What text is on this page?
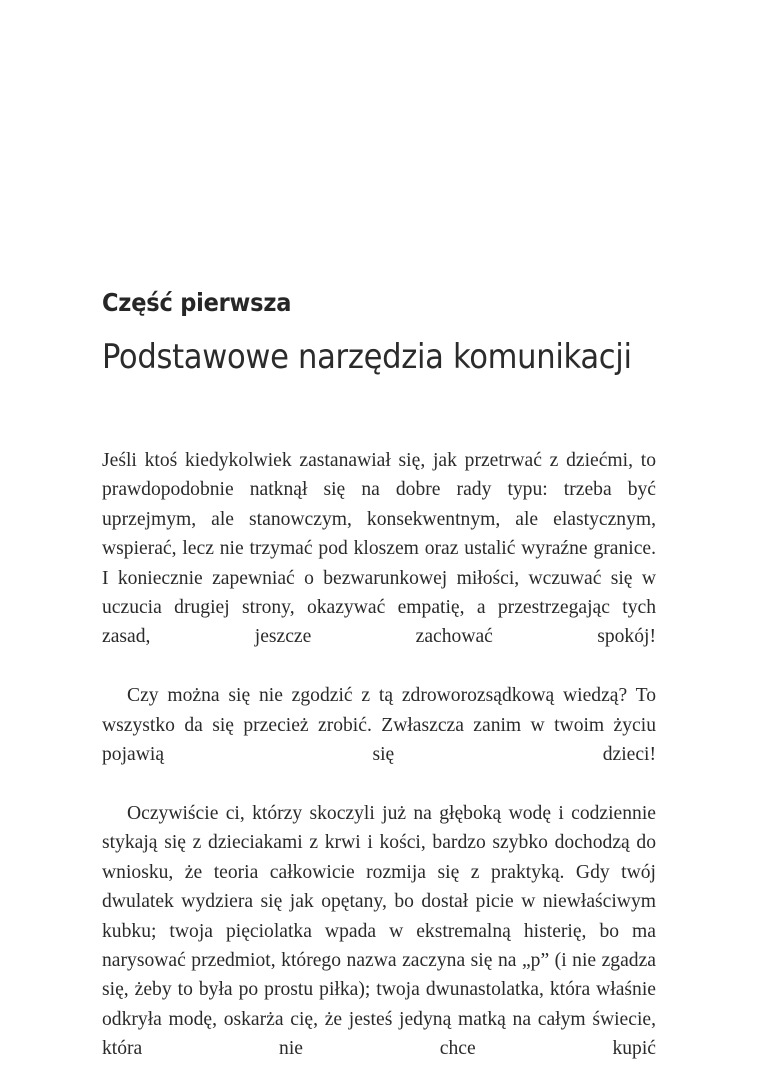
Część pierwsza
Podstawowe narzędzia komunikacji

Jeśli ktoś kiedykolwiek zastanawiał się, jak przetrwać z dziećmi, to prawdopodobnie natknął się na dobre rady typu: trzeba być uprzejmym, ale stanowczym, konsekwentnym, ale elastycznym, wspierać, lecz nie trzymać pod kloszem oraz ustalić wyraźne granice. I koniecznie zapewniać o bezwarunkowej miłości, wczuwać się w uczucia drugiej strony, okazywać empatię, a przestrzegając tych zasad, jeszcze zachować spokój!

Czy można się nie zgodzić z tą zdroworozsądkową wiedzą? To wszystko da się przecież zrobić. Zwłaszcza zanim w twoim życiu pojawią się dzieci!

Oczywiście ci, którzy skoczyli już na głęboką wodę i codziennie stykają się z dzieciakami z krwi i kości, bardzo szybko dochodzą do wniosku, że teoria całkowicie rozmija się z praktyką. Gdy twój dwulatek wydziera się jak opętany, bo dostał picie w niewłaściwym kubku; twoja pięciolatka wpada w ekstremalną histerię, bo ma narysować przedmiot, którego nazwa zaczyna się na „p” (i nie zgadza się, żeby to była po prostu piłka); twoja dwunastolatka, która właśnie odkryła modę, oskarża cię, że jesteś jedyną matką na całym świecie, która nie chce kupić
